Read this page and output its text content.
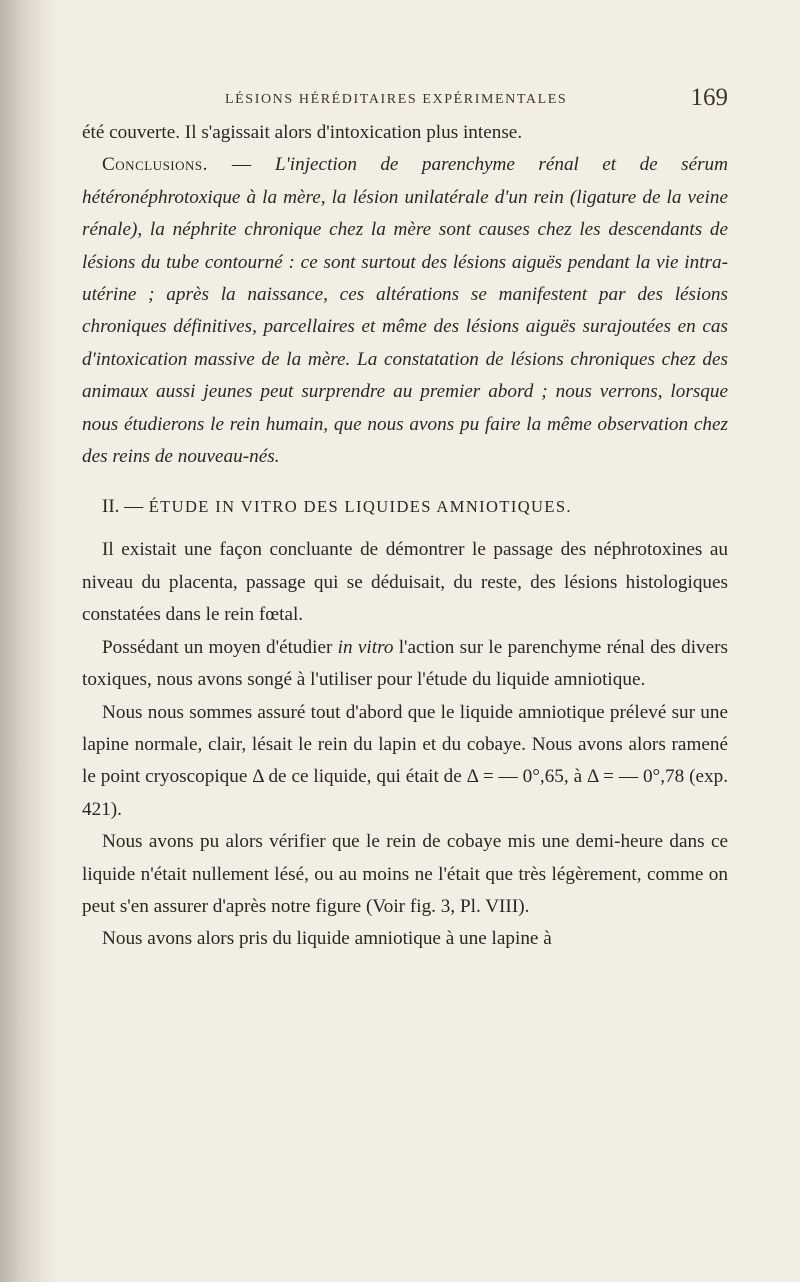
LÉSIONS HÉRÉDITAIRES EXPÉRIMENTALES	169

été couverte. Il s'agissait alors d'intoxication plus intense.

Conclusions. — L'injection de parenchyme rénal et de sérum hétéronéphrotoxique à la mère, la lésion unilatérale d'un rein (ligature de la veine rénale), la néphrite chronique chez la mère sont causes chez les descendants de lésions du tube contourné : ce sont surtout des lésions aiguës pendant la vie intra-utérine ; après la naissance, ces altérations se manifestent par des lésions chroniques définitives, parcellaires et même des lésions aiguës surajoutées en cas d'intoxication massive de la mère. La constatation de lésions chroniques chez des animaux aussi jeunes peut surprendre au premier abord ; nous verrons, lorsque nous étudierons le rein humain, que nous avons pu faire la même observation chez des reins de nouveau-nés.

II. — ÉTUDE IN VITRO DES LIQUIDES AMNIOTIQUES.

Il existait une façon concluante de démontrer le passage des néphrotoxines au niveau du placenta, passage qui se déduisait, du reste, des lésions histologiques constatées dans le rein fœtal.

Possédant un moyen d'étudier in vitro l'action sur le parenchyme rénal des divers toxiques, nous avons songé à l'utiliser pour l'étude du liquide amniotique.

Nous nous sommes assuré tout d'abord que le liquide amniotique prélevé sur une lapine normale, clair, lésait le rein du lapin et du cobaye. Nous avons alors ramené le point cryoscopique Δ de ce liquide, qui était de Δ = — 0°,65, à Δ = — 0°,78 (exp. 421).

Nous avons pu alors vérifier que le rein de cobaye mis une demi-heure dans ce liquide n'était nullement lésé, ou au moins ne l'était que très légèrement, comme on peut s'en assurer d'après notre figure (Voir fig. 3, Pl. VIII).

Nous avons alors pris du liquide amniotique à une lapine à
